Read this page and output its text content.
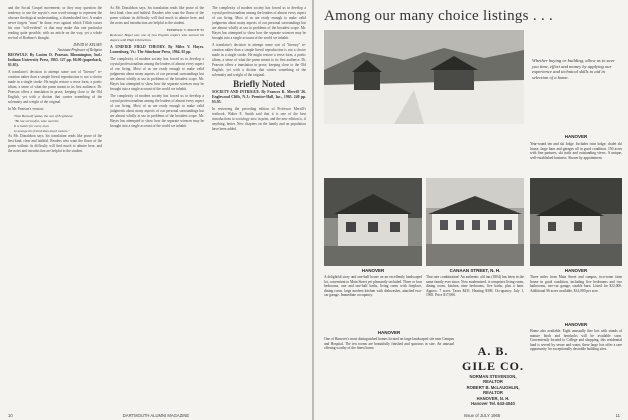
and the Social Gospel movement; or they may question the tendency to use the mystic's own word-coinage to represent the obscure theological understanding, a disembodied fact. A reader never forgets "must" be done, ever against which Tillich issues his own "self-evident" or that may make this one particular reading quite possible, with an article on the way, yet a whole revival of Boehme's thought.

DAVID H. KELSEY
Assistant Professor of Religion

BEOWULF. By Lucien D. Pearson. Bloomington, Ind.: Indiana University Press, 1965. 127 pp. $6.00 (paperback, $1.65).

A translator's decision to attempt some sort of "literary" re-creation rather than a simple literal reproduction is not a choice made in a single stroke. He might restore a verse form, a poetic idiom, a sense of what the poem meant to its first audience. Dr. Pearson offers a translation in prose, keeping close to the Old English, yet with a diction that carries something of the solemnity and weight of the original.

In Mr. Pearson's version:

Then Beowulf spoke, the son of Ecgtheow:
"Be not sorrowful, wise warrior.
It is better for every man
to avenge his friend than much mourn."

As Mr. Donaldson says, his translation reads like prose of the best kind, clear and faithful. Readers who want the flavor of the poem without its difficulty will find much to admire here, and the notes and introduction are helpful to the student.

As Mr. Donaldson says, his translation reads like prose of the best kind, clear and faithful. Readers who want the flavor of the poem without its difficulty will find much to admire here, and the notes and introduction are helpful to the student.

FREDERIC V. BOOTH '65

Reviewer Bogel was one of two English majors who earned his degree with High Distinction.

A UNIFIED FIELD THEORY. By Miles V. Hayes. Lunenburg, Vt.: The Stinehour Press, 1964. 65 pp.

The complexity of modern society has forced us to develop a crystal professionalism among the leaders of almost every aspect of our living. Most of us are ready enough to make valid judgments about many aspects of our personal surroundings but are almost wholly at sea in problems of the broadest scope. Mr. Hayes has attempted to show how the separate sciences may be brought into a single account of the world we inhabit.

The complexity of modern society has forced us to develop a crystal professionalism among the leaders of almost every aspect of our living. Most of us are ready enough to make valid judgments about many aspects of our personal surroundings but are almost wholly at sea in problems of the broadest scope. Mr. Hayes has attempted to show how the separate sciences may be brought into a single account of the world we inhabit.

The complexity of modern society has forced us to develop a crystal professionalism among the leaders of almost every aspect of our living. Most of us are ready enough to make valid judgments about many aspects of our personal surroundings but are almost wholly at sea in problems of the broadest scope. Mr. Hayes has attempted to show how the separate sciences may be brought into a single account of the world we inhabit.

A translator's decision to attempt some sort of "literary" re-creation rather than a simple literal reproduction is not a choice made in a single stroke. He might restore a verse form, a poetic idiom, a sense of what the poem meant to its first audience. Dr. Pearson offers a translation in prose, keeping close to the Old English, yet with a diction that carries something of the solemnity and weight of the original.

Briefly Noted

SOCIETY AND INTRIGUE. By Frances K. Merrill '26. Englewood Cliffs, N.J.: Prentice-Hall, Inc., 1965. 240 pp. $5.95.

In reviewing the preceding edition of Professor Merrill's textbook, Walter E. Smith said that it is one of the best introductions to sociology now in print, and the new edition is, if anything, better. New chapters on the family and on population have been added.

10	DARTMOUTH ALUMNI MAGAZINE
Among our many choice listings . . .
Whether buying or building, allow us to save you time, effort and money by applying our experience and technical skills to aid in selection of a home.
HANOVER
Year-round ten and ski lodge. Includes twin lodge, chalet ski house, large barn and garages all in good condition. 150 acres with fine pastures, ski trails and outstanding views. A unique, well-established business. Shown by appointment.
HANOVER
A delightful story and one-half house on an excellently landscaped lot, convenient to Main Street yet pleasantly secluded. Three or four bedrooms, one and one-half baths, living room with fireplace, dining room, large modern kitchen with dishwasher, attached two-car garage. Immediate occupancy.
CANAAN STREET, N. H.
That rare combination! An authentic old inn (1804) has been in the same family ever since. Now modernized, it comprises living room, dining room, kitchen, nine bedrooms, five baths, plus a barn. Approx. 7 acres. Taxes $431. Heating $306. Occupancy: July 1, 1965. Price $17,000.
HANOVER
Three miles from Main Street and campus, two-room farm house in good condition, including five bedrooms and two bathrooms, two-car garage, sizable barn. Listed for $22,000. Additional 96 acres available, $14,000 per acre.
HANOVER
Home also available. Eight unusually fine lots with stands of mature birch and hemlocks will be available soon. Conveniently located to College and shopping, this residential land is served by sewer and water, these large lots offer a rare opportunity for exceptionally desirable building sites.
HANOVER
One of Hanover's most distinguished homes located on large landscaped site near Campus and Hospital. The ten rooms are beautifully finished and spacious in size. An unusual offering worthy of the finest home.	A. B. GILE CO.
NORMAN STEVENSON, REALTOR
ROBERT B. McLAUGHLIN, REALTOR
HANOVER, N. H.
Hanover Tel. 643-4040
Issue of JULY 1965	11
